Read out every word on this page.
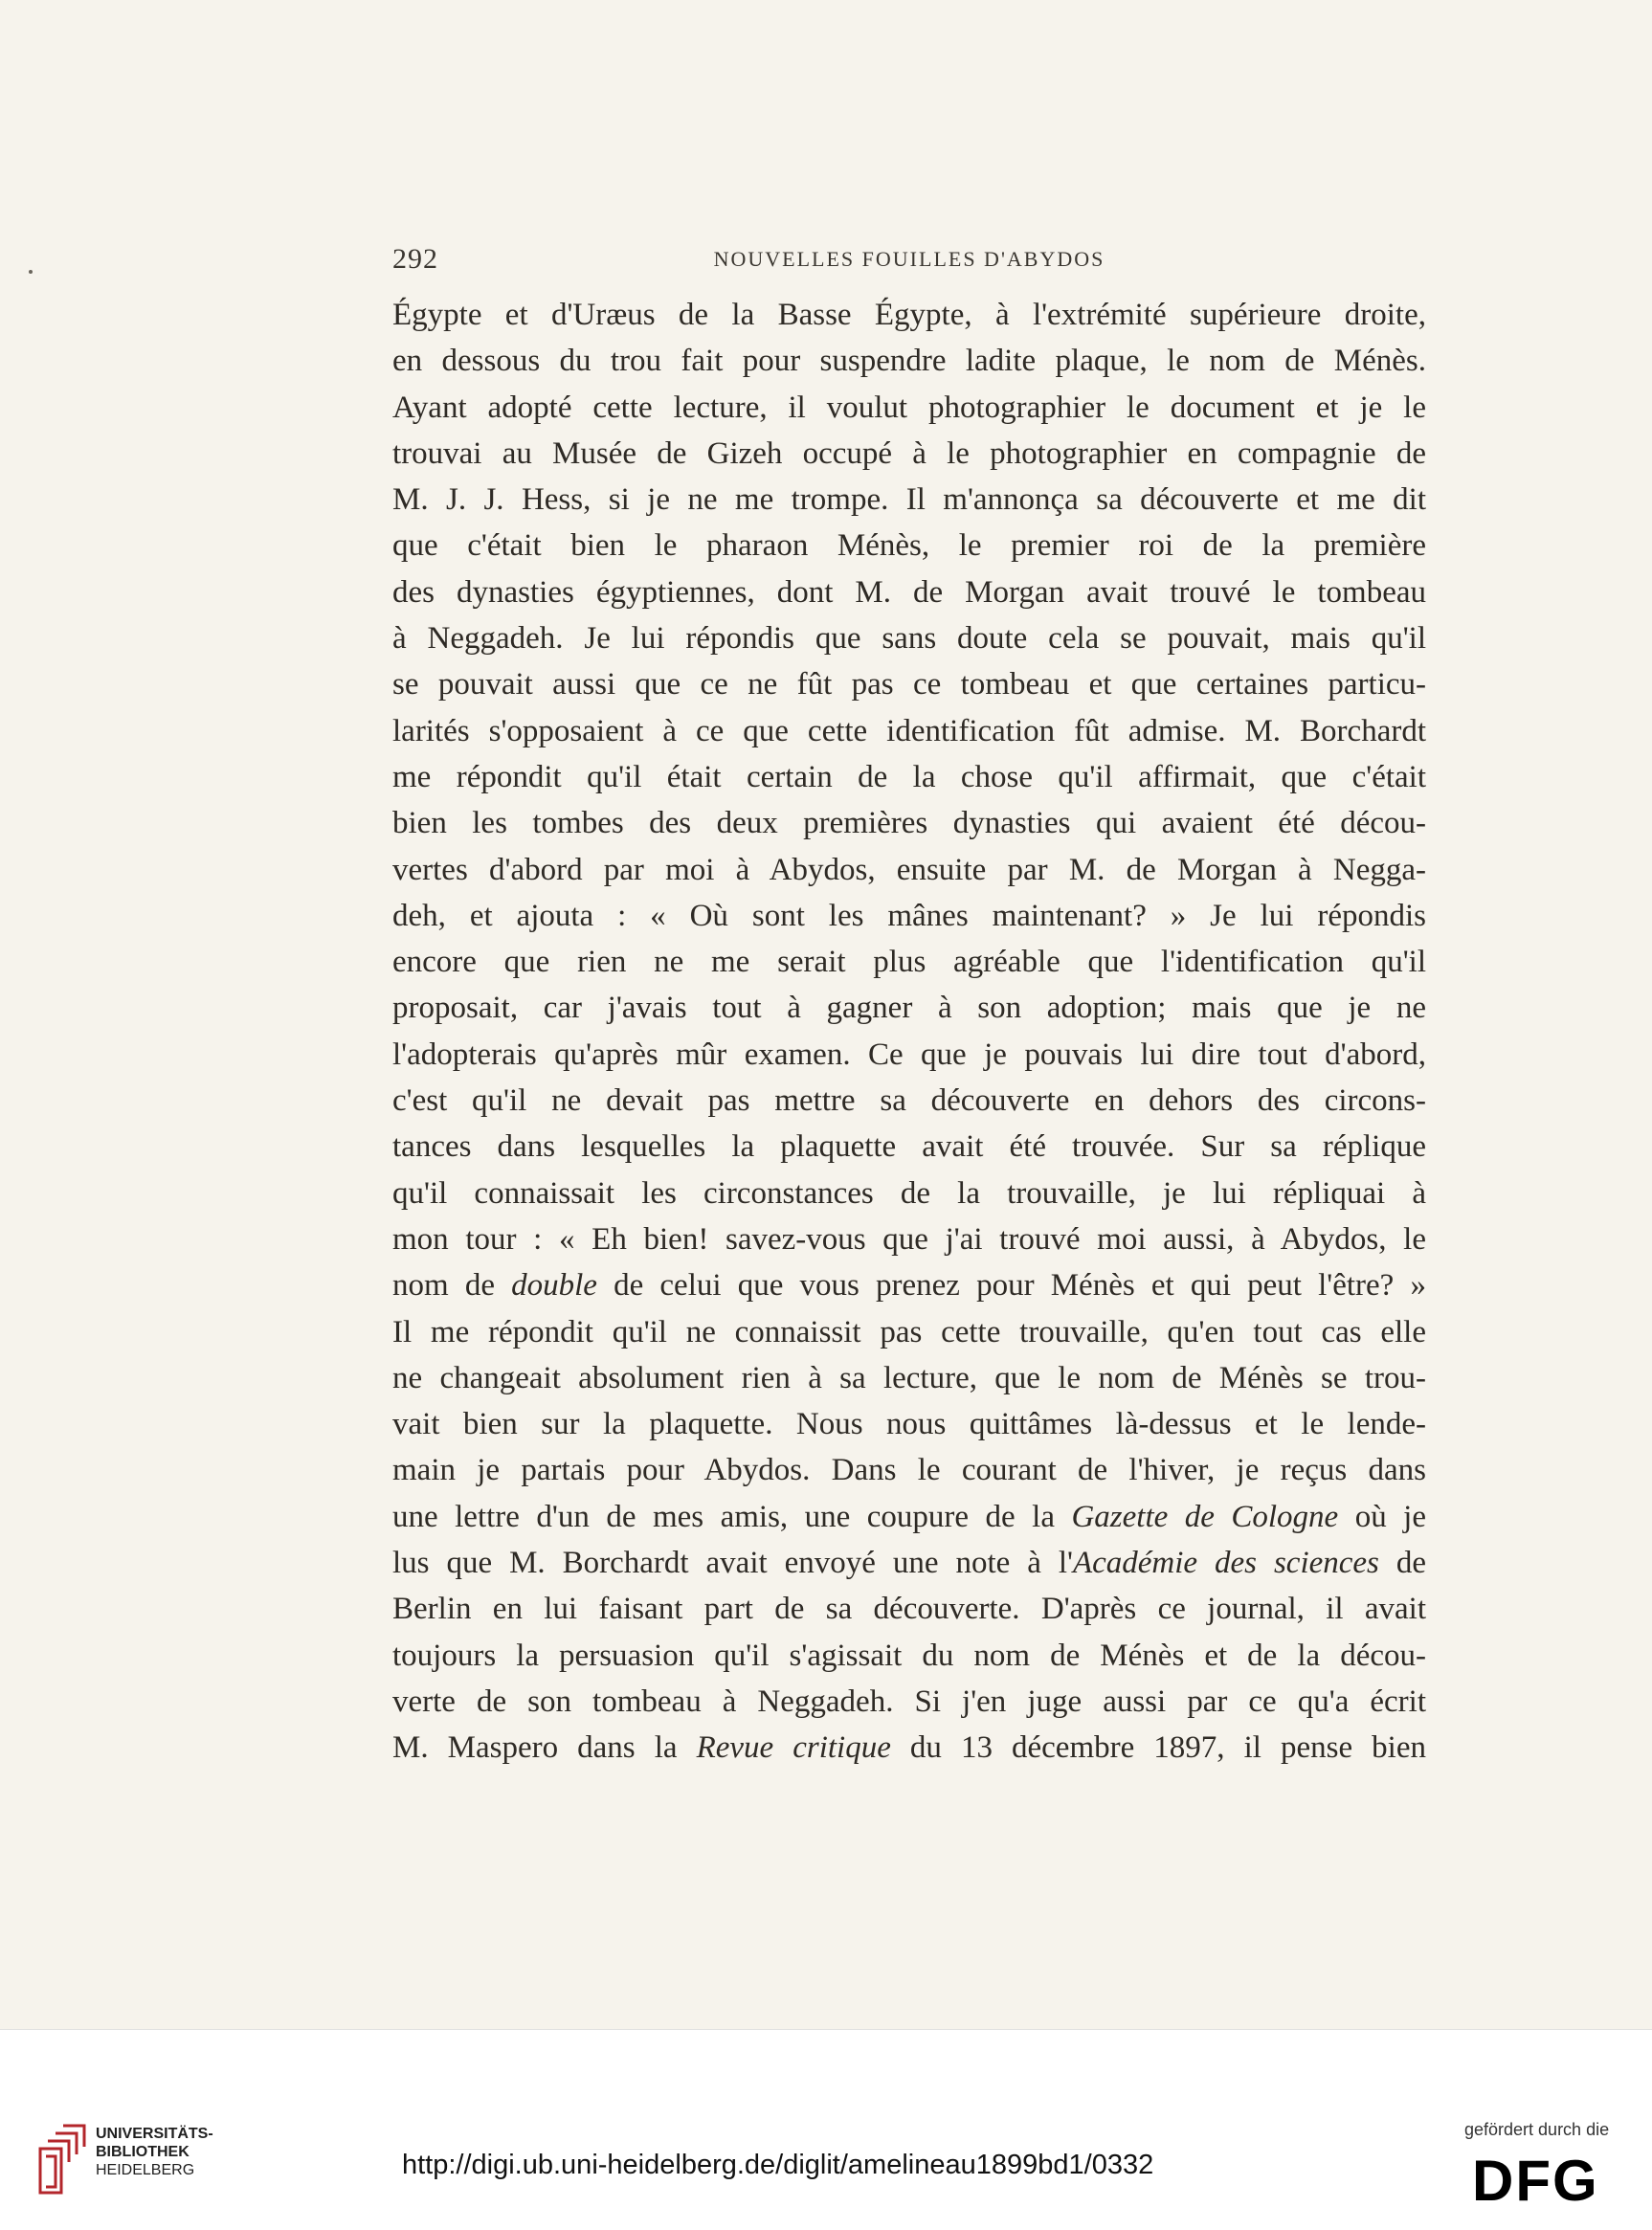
292	NOUVELLES FOUILLES D'ABYDOS
Égypte et d'Uræus de la Basse Égypte, à l'extrémité supérieure droite,
en dessous du trou fait pour suspendre ladite plaque, le nom de Ménès.
Ayant adopté cette lecture, il voulut photographier le document et je le
trouvai au Musée de Gizeh occupé à le photographier en compagnie de
M. J. J. Hess, si je ne me trompe. Il m'annonça sa découverte et me dit
que c'était bien le pharaon Ménès, le premier roi de la première
des dynasties égyptiennes, dont M. de Morgan avait trouvé le tombeau
à Neggadeh. Je lui répondis que sans doute cela se pouvait, mais qu'il
se pouvait aussi que ce ne fût pas ce tombeau et que certaines particu-
larités s'opposaient à ce que cette identification fût admise. M. Borchardt
me répondit qu'il était certain de la chose qu'il affirmait, que c'était
bien les tombes des deux premières dynasties qui avaient été décou-
vertes d'abord par moi à Abydos, ensuite par M. de Morgan à Negga-
deh, et ajouta : « Où sont les mânes maintenant? » Je lui répondis
encore que rien ne me serait plus agréable que l'identification qu'il
proposait, car j'avais tout à gagner à son adoption; mais que je ne
l'adopterais qu'après mûr examen. Ce que je pouvais lui dire tout d'abord,
c'est qu'il ne devait pas mettre sa découverte en dehors des circons-
tances dans lesquelles la plaquette avait été trouvée. Sur sa réplique
qu'il connaissait les circonstances de la trouvaille, je lui répliquai à
mon tour : « Eh bien! savez-vous que j'ai trouvé moi aussi, à Abydos, le
nom de double de celui que vous prenez pour Ménès et qui peut l'être? »
Il me répondit qu'il ne connaissit pas cette trouvaille, qu'en tout cas elle
ne changeait absolument rien à sa lecture, que le nom de Ménès se trou-
vait bien sur la plaquette. Nous nous quittâmes là-dessus et le lende-
main je partais pour Abydos. Dans le courant de l'hiver, je reçus dans
une lettre d'un de mes amis, une coupure de la Gazette de Cologne où je
lus que M. Borchardt avait envoyé une note à l'Académie des sciences de
Berlin en lui faisant part de sa découverte. D'après ce journal, il avait
toujours la persuasion qu'il s'agissait du nom de Ménès et de la décou-
verte de son tombeau à Neggadeh. Si j'en juge aussi par ce qu'a écrit
M. Maspero dans la Revue critique du 13 décembre 1897, il pense bien
UNIVERSITÄTS-
BIBLIOTHEK
HEIDELBERG	http://digi.ub.uni-heidelberg.de/diglit/amelineau1899bd1/0332
gefördert durch die
DFG
